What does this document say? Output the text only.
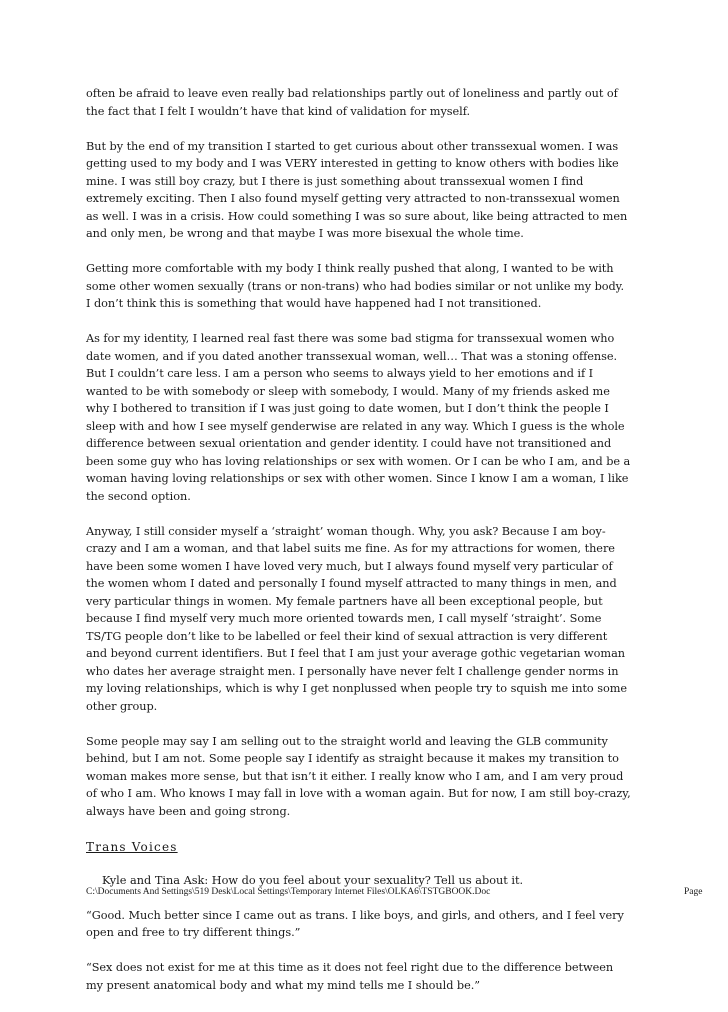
often be afraid to leave even really bad relationships partly out of loneliness and partly out of the fact that I felt I wouldn’t have that kind of validation for myself.

But by the end of my transition I started to get curious about other transsexual women. I was getting used to my body and I was VERY interested in getting to know others with bodies like mine. I was still boy crazy, but I there is just something about transsexual women I find extremely exciting. Then I also found myself getting very attracted to non-transsexual women as well. I was in a crisis. How could something I was so sure about, like being attracted to men and only men, be wrong and that maybe I was more bisexual the whole time.

Getting more comfortable with my body I think really pushed that along, I wanted to be with some other women sexually (trans or non-trans) who had bodies similar or not unlike my body. I don’t think this is something that would have happened had I not transitioned.

As for my identity, I learned real fast there was some bad stigma for transsexual women who date women, and if you dated another transsexual woman, well… That was a stoning offense. But I couldn’t care less. I am a person who seems to always yield to her emotions and if I wanted to be with somebody or sleep with somebody, I would. Many of my friends asked me why I bothered to transition if I was just going to date women, but I don’t think the people I sleep with and how I see myself genderwise are related in any way. Which I guess is the whole difference between sexual orientation and gender identity. I could have not transitioned and been some guy who has loving relationships or sex with women. Or I can be who I am, and be a woman having loving relationships or sex with other women. Since I know I am a woman, I like the second option.

Anyway, I still consider myself a ‘straight’ woman though. Why, you ask? Because I am boy-crazy and I am a woman, and that label suits me fine. As for my attractions for women, there have been some women I have loved very much, but I always found myself very particular of the women whom I dated and personally I found myself attracted to many things in men, and very particular things in women. My female partners have all been exceptional people, but because I find myself very much more oriented towards men, I call myself ‘straight’. Some TS/TG people don’t like to be labelled or feel their kind of sexual attraction is very different and beyond current identifiers. But I feel that I am just your average gothic vegetarian woman who dates her average straight men. I personally have never felt I challenge gender norms in my loving relationships, which is why I get nonplussed when people try to squish me into some other group.

Some people may say I am selling out to the straight world and leaving the GLB community behind, but I am not. Some people say I identify as straight because it makes my transition to woman makes more sense, but that isn’t it either. I really know who I am, and I am very proud of who I am. Who knows I may fall in love with a woman again. But for now, I am still boy-crazy, always have been and going strong.

Trans Voices

Kyle and Tina Ask: How do you feel about your sexuality? Tell us about it.

“Good. Much better since I came out as trans. I like boys, and girls, and others, and I feel very open and free to try different things.”

“Sex does not exist for me at this time as it does not feel right due to the difference between my present anatomical body and what my mind tells me I should be.”

C:\Documents And Settings\519 Desk\Local Settings\Temporary Internet Files\OLKA6\TSTGBOOK.Doc	Page
